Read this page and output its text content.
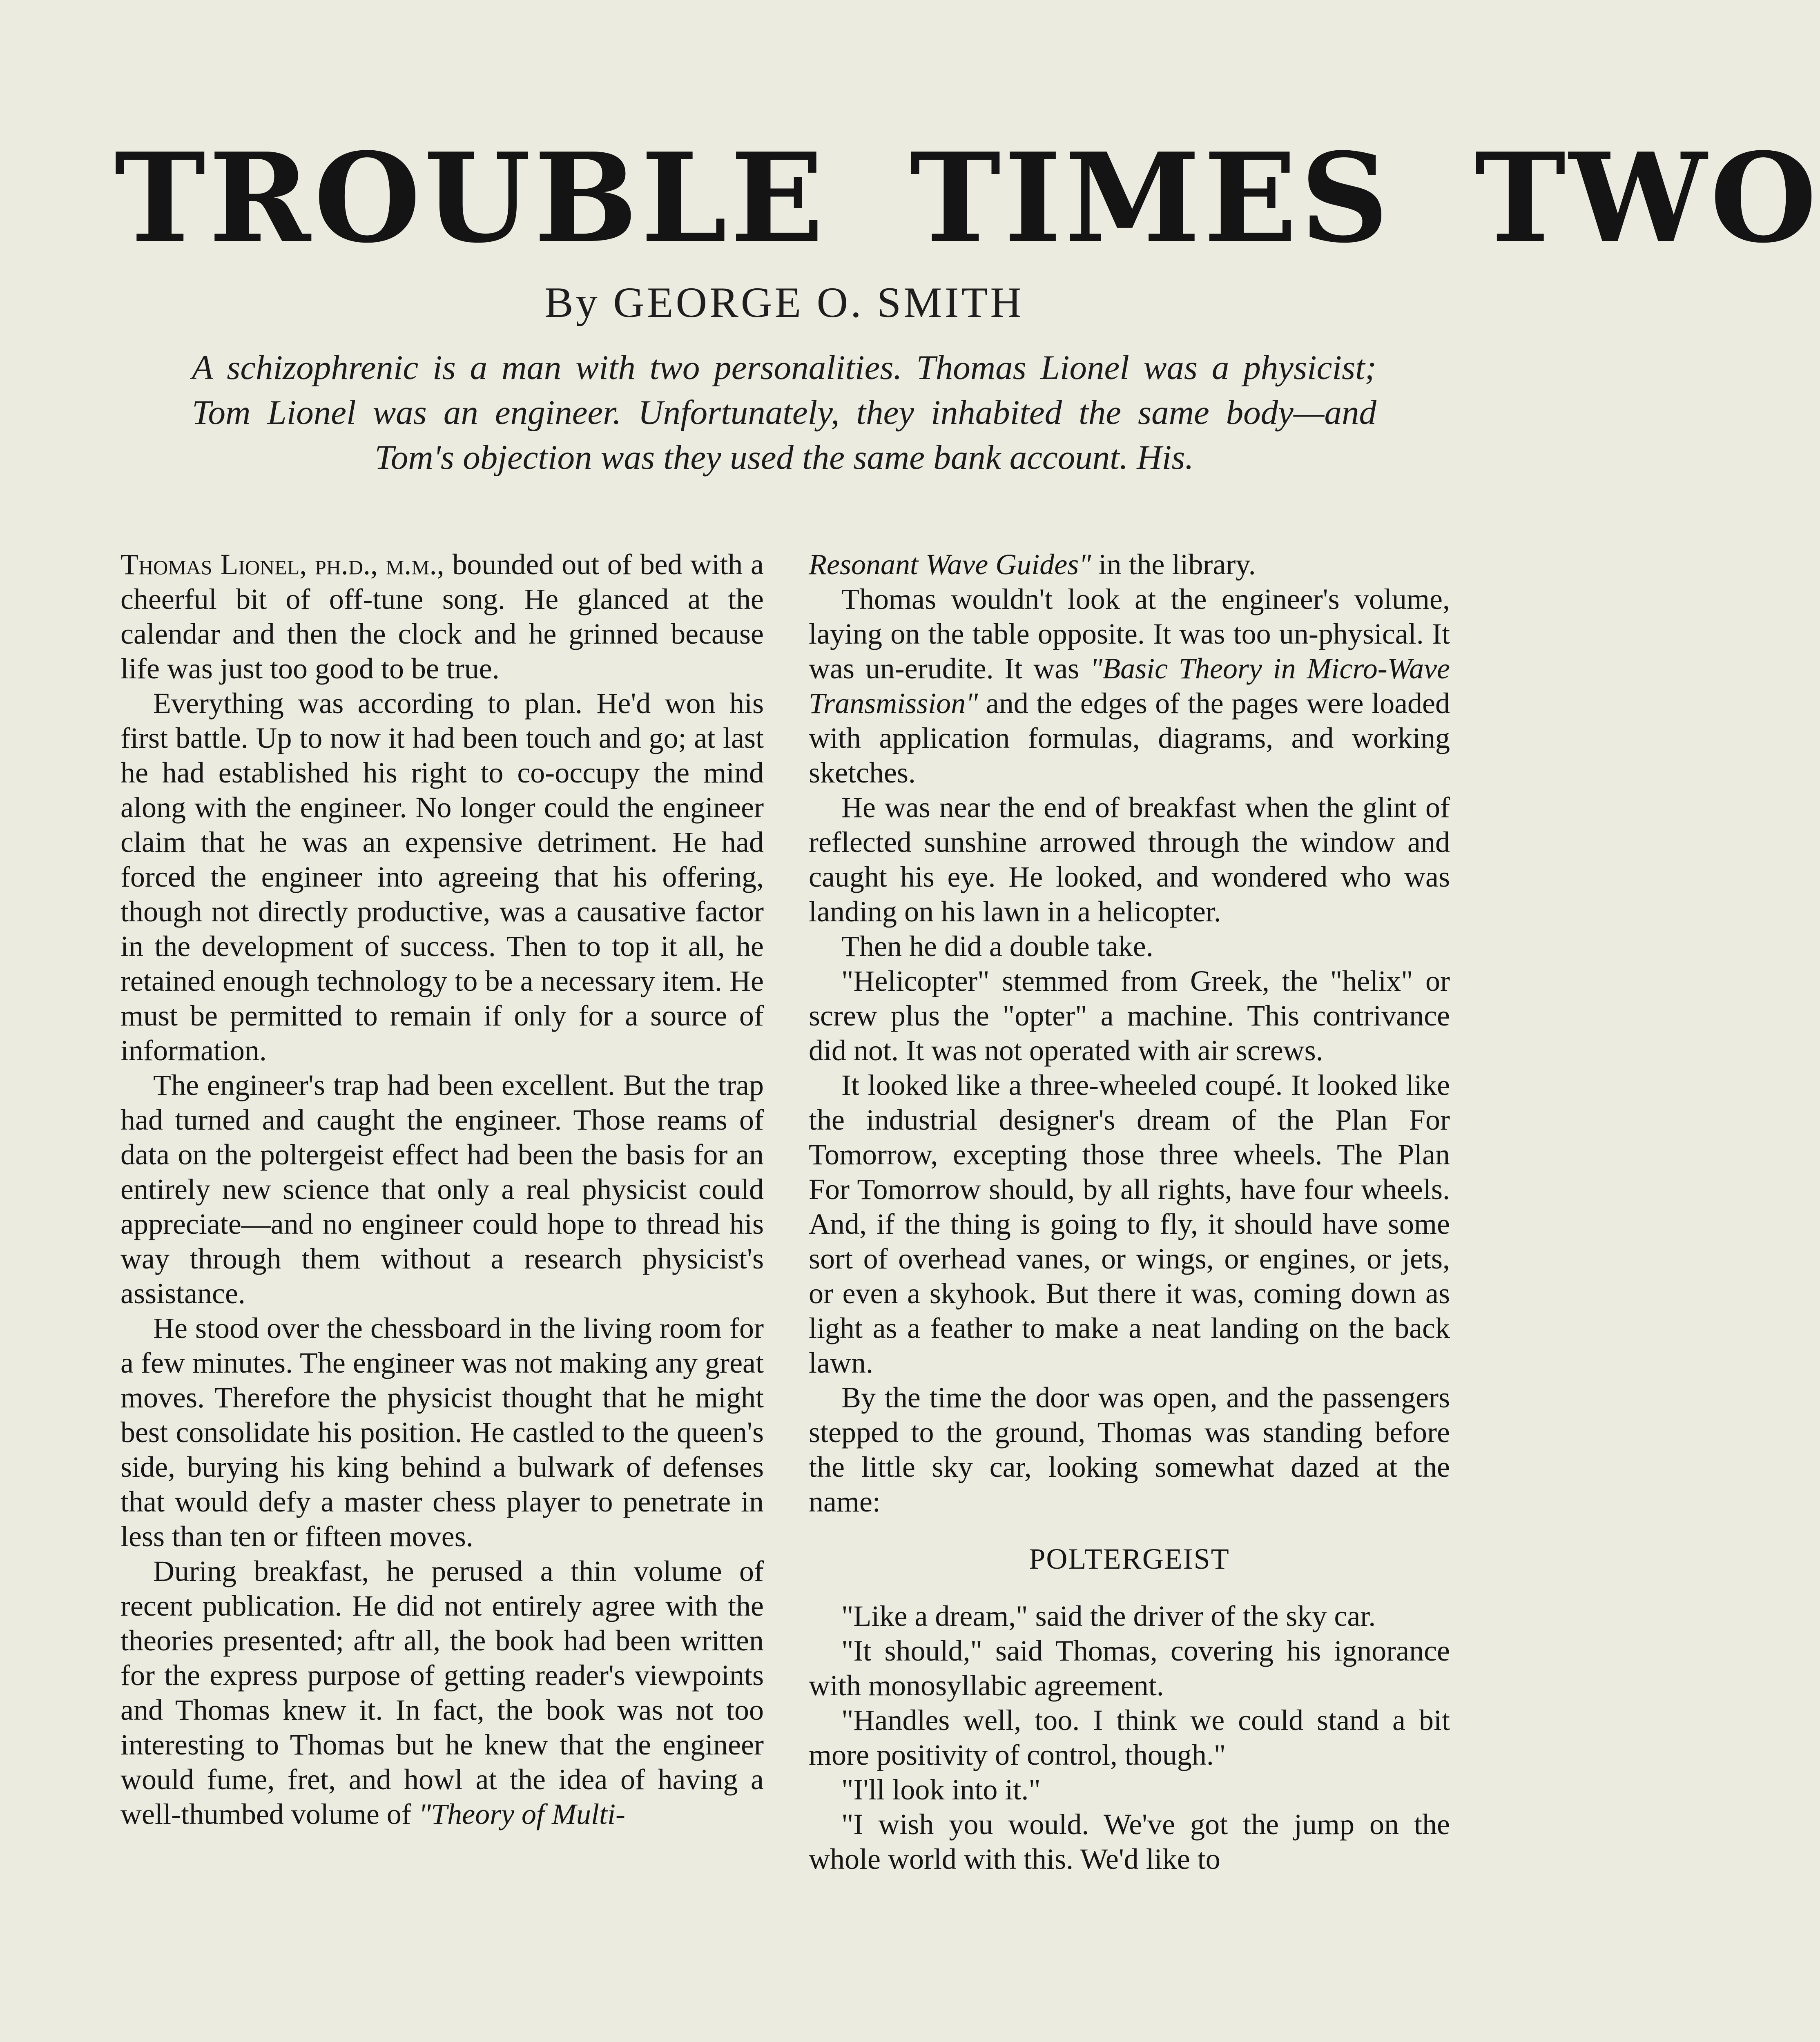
TROUBLE TIMES TWO
By GEORGE O. SMITH
A schizophrenic is a man with two personalities. Thomas Lionel was a physicist; Tom Lionel was an engineer. Unfortunately, they inhabited the same body—and Tom's objection was they used the same bank account. His.

Thomas Lionel, ph.d., m.m., bounded out of bed with a cheerful bit of off-tune song. He glanced at the calendar and then the clock and he grinned because life was just too good to be true.

Everything was according to plan. He'd won his first battle. Up to now it had been touch and go; at last he had established his right to co-occupy the mind along with the engineer. No longer could the engineer claim that he was an expensive detriment. He had forced the engineer into agreeing that his offering, though not directly productive, was a causative factor in the development of success. Then to top it all, he retained enough technology to be a necessary item. He must be permitted to remain if only for a source of information.

The engineer's trap had been excellent. But the trap had turned and caught the engineer. Those reams of data on the poltergeist effect had been the basis for an entirely new science that only a real physicist could appreciate—and no engineer could hope to thread his way through them without a research physicist's assistance.

He stood over the chessboard in the living room for a few minutes. The engineer was not making any great moves. Therefore the physicist thought that he might best consolidate his position. He castled to the queen's side, burying his king behind a bulwark of defenses that would defy a master chess player to penetrate in less than ten or fifteen moves.

During breakfast, he perused a thin volume of recent publication. He did not entirely agree with the theories presented; aftr all, the book had been written for the express purpose of getting reader's viewpoints and Thomas knew it. In fact, the book was not too interesting to Thomas but he knew that the engineer would fume, fret, and howl at the idea of having a well-thumbed volume of "Theory of Multi-

Resonant Wave Guides" in the library.

Thomas wouldn't look at the engineer's volume, laying on the table opposite. It was too un-physical. It was un-erudite. It was "Basic Theory in Micro-Wave Transmission" and the edges of the pages were loaded with application formulas, diagrams, and working sketches.

He was near the end of breakfast when the glint of reflected sunshine arrowed through the window and caught his eye. He looked, and wondered who was landing on his lawn in a helicopter.

Then he did a double take.

"Helicopter" stemmed from Greek, the "helix" or screw plus the "opter" a machine. This contrivance did not. It was not operated with air screws.

It looked like a three-wheeled coupé. It looked like the industrial designer's dream of the Plan For Tomorrow, excepting those three wheels. The Plan For Tomorrow should, by all rights, have four wheels. And, if the thing is going to fly, it should have some sort of overhead vanes, or wings, or engines, or jets, or even a skyhook. But there it was, coming down as light as a feather to make a neat landing on the back lawn.

By the time the door was open, and the passengers stepped to the ground, Thomas was standing before the little sky car, looking somewhat dazed at the name:

POLTERGEIST

"Like a dream," said the driver of the sky car.

"It should," said Thomas, covering his ignorance with monosyllabic agreement.

"Handles well, too. I think we could stand a bit more positivity of control, though."

"I'll look into it."

"I wish you would. We've got the jump on the whole world with this. We'd like to
